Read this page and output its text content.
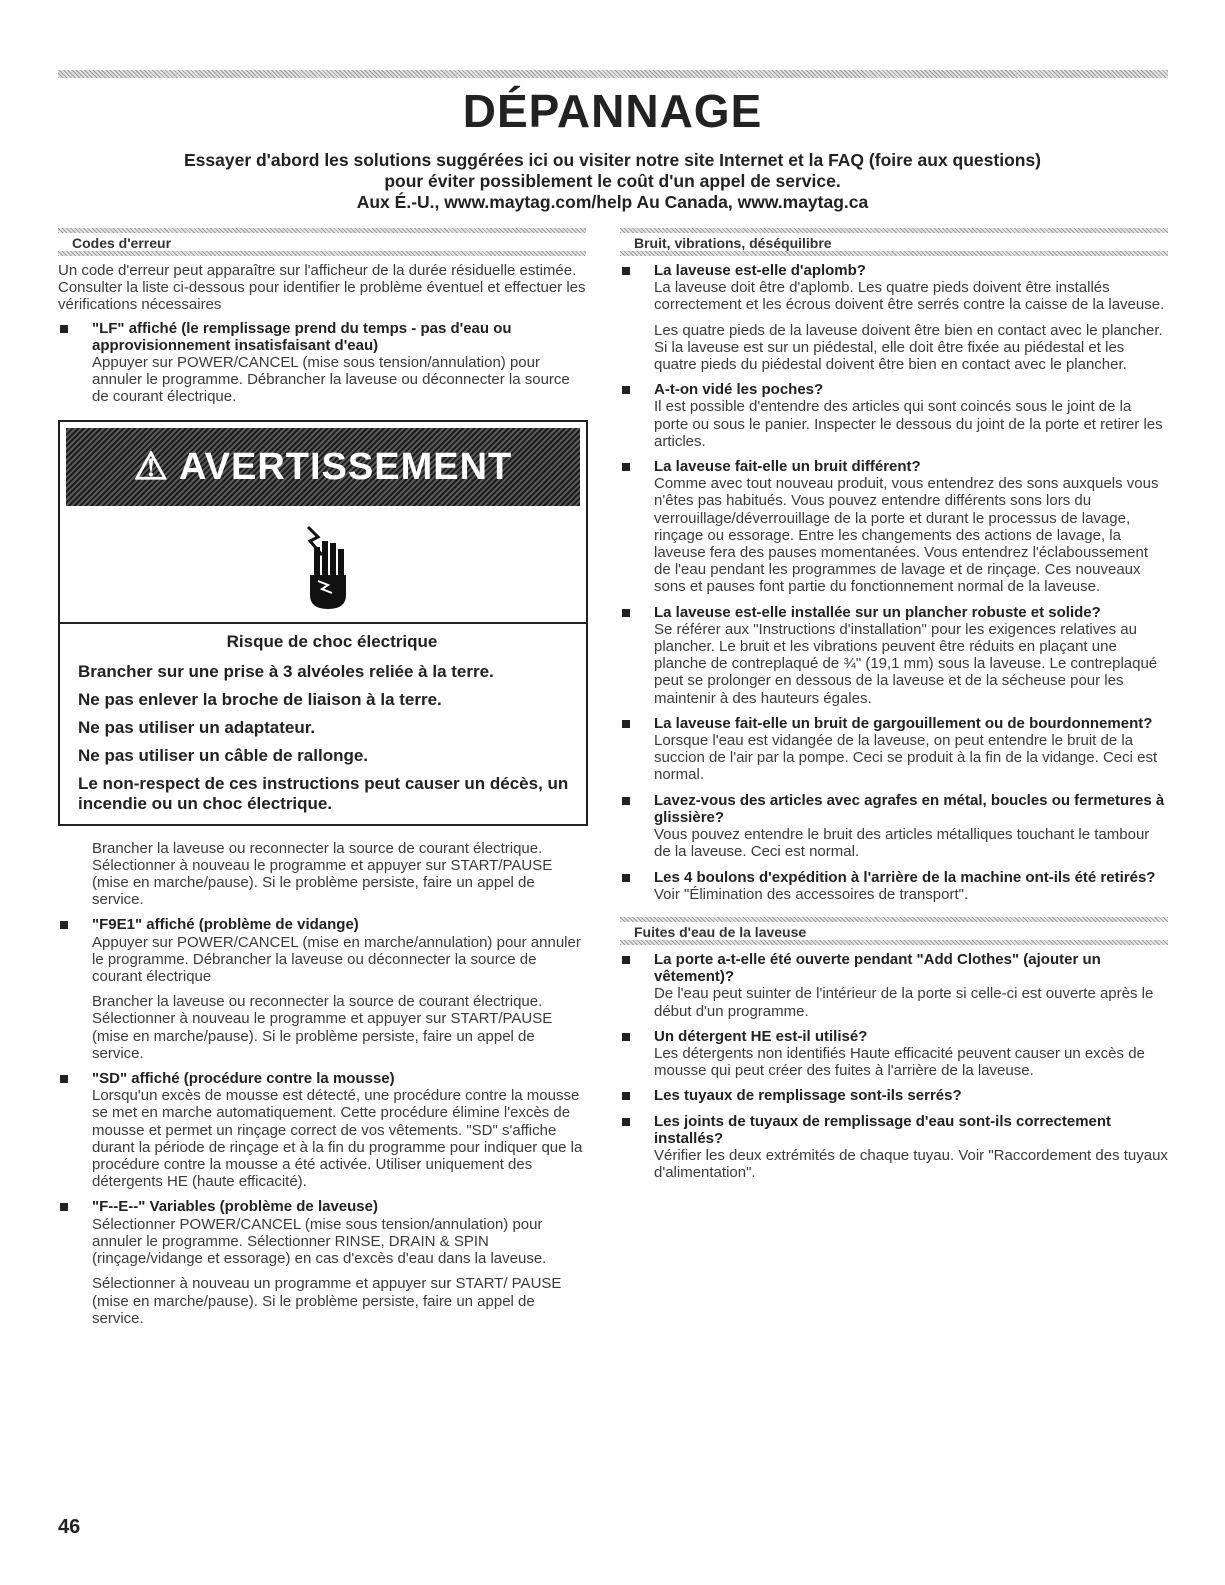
DÉPANNAGE
Essayer d'abord les solutions suggérées ici ou visiter notre site Internet et la FAQ (foire aux questions)
pour éviter possiblement le coût d'un appel de service.
Aux É.-U., www.maytag.com/help Au Canada, www.maytag.ca
Codes d'erreur

Un code d'erreur peut apparaître sur l'afficheur de la durée résiduelle estimée. Consulter la liste ci-dessous pour identifier le problème éventuel et effectuer les vérifications nécessaires

"LF" affiché (le remplissage prend du temps - pas d'eau ou approvisionnement insatisfaisant d'eau)

Appuyer sur POWER/CANCEL (mise sous tension/annulation) pour annuler le programme. Débrancher la laveuse ou déconnecter la source de courant électrique.

⚠ AVERTISSEMENT
Risque de choc électrique
Brancher sur une prise à 3 alvéoles reliée à la terre.
Ne pas enlever la broche de liaison à la terre.
Ne pas utiliser un adaptateur.
Ne pas utiliser un câble de rallonge.
Le non-respect de ces instructions peut causer un décès, un incendie ou un choc électrique.

Brancher la laveuse ou reconnecter la source de courant électrique. Sélectionner à nouveau le programme et appuyer sur START/PAUSE (mise en marche/pause). Si le problème persiste, faire un appel de service.

"F9E1" affiché (problème de vidange)

Appuyer sur POWER/CANCEL (mise en marche/annulation) pour annuler le programme. Débrancher la laveuse ou déconnecter la source de courant électrique

Brancher la laveuse ou reconnecter la source de courant électrique. Sélectionner à nouveau le programme et appuyer sur START/PAUSE (mise en marche/pause). Si le problème persiste, faire un appel de service.

"SD" affiché (procédure contre la mousse)

Lorsqu'un excès de mousse est détecté, une procédure contre la mousse se met en marche automatiquement. Cette procédure élimine l'excès de mousse et permet un rinçage correct de vos vêtements. "SD" s'affiche durant la période de rinçage et à la fin du programme pour indiquer que la procédure contre la mousse a été activée. Utiliser uniquement des détergents HE (haute efficacité).

"F--E--" Variables (problème de laveuse)

Sélectionner POWER/CANCEL (mise sous tension/annulation) pour annuler le programme. Sélectionner RINSE, DRAIN & SPIN (rinçage/vidange et essorage) en cas d'excès d'eau dans la laveuse.

Sélectionner à nouveau un programme et appuyer sur START/ PAUSE (mise en marche/pause). Si le problème persiste, faire un appel de service.

Bruit, vibrations, déséquilibre
La laveuse est-elle d'aplomb?

La laveuse doit être d'aplomb. Les quatre pieds doivent être installés correctement et les écrous doivent être serrés contre la caisse de la laveuse.

Les quatre pieds de la laveuse doivent être bien en contact avec le plancher. Si la laveuse est sur un piédestal, elle doit être fixée au piédestal et les quatre pieds du piédestal doivent être bien en contact avec le plancher.

A-t-on vidé les poches?

Il est possible d'entendre des articles qui sont coincés sous le joint de la porte ou sous le panier. Inspecter le dessous du joint de la porte et retirer les articles.

La laveuse fait-elle un bruit différent?

Comme avec tout nouveau produit, vous entendrez des sons auxquels vous n'êtes pas habitués. Vous pouvez entendre différents sons lors du verrouillage/déverrouillage de la porte et durant le processus de lavage, rinçage ou essorage. Entre les changements des actions de lavage, la laveuse fera des pauses momentanées. Vous entendrez l'éclaboussement de l'eau pendant les programmes de lavage et de rinçage. Ces nouveaux sons et pauses font partie du fonctionnement normal de la laveuse.

La laveuse est-elle installée sur un plancher robuste et solide?

Se référer aux "Instructions d'installation" pour les exigences relatives au plancher. Le bruit et les vibrations peuvent être réduits en plaçant une planche de contreplaqué de ¾" (19,1 mm) sous la laveuse. Le contreplaqué peut se prolonger en dessous de la laveuse et de la sécheuse pour les maintenir à des hauteurs égales.

La laveuse fait-elle un bruit de gargouillement ou de bourdonnement?

Lorsque l'eau est vidangée de la laveuse, on peut entendre le bruit de la succion de l'air par la pompe. Ceci se produit à la fin de la vidange. Ceci est normal.

Lavez-vous des articles avec agrafes en métal, boucles ou fermetures à glissière?

Vous pouvez entendre le bruit des articles métalliques touchant le tambour de la laveuse. Ceci est normal.

Les 4 boulons d'expédition à l'arrière de la machine ont-ils été retirés?

Voir "Élimination des accessoires de transport".

Fuites d'eau de la laveuse
La porte a-t-elle été ouverte pendant "Add Clothes" (ajouter un vêtement)?

De l'eau peut suinter de l'intérieur de la porte si celle-ci est ouverte après le début d'un programme.

Un détergent HE est-il utilisé?

Les détergents non identifiés Haute efficacité peuvent causer un excès de mousse qui peut créer des fuites à l'arrière de la laveuse.

Les tuyaux de remplissage sont-ils serrés?
Les joints de tuyaux de remplissage d'eau sont-ils correctement installés?

Vérifier les deux extrémités de chaque tuyau. Voir "Raccordement des tuyaux d'alimentation".

46
